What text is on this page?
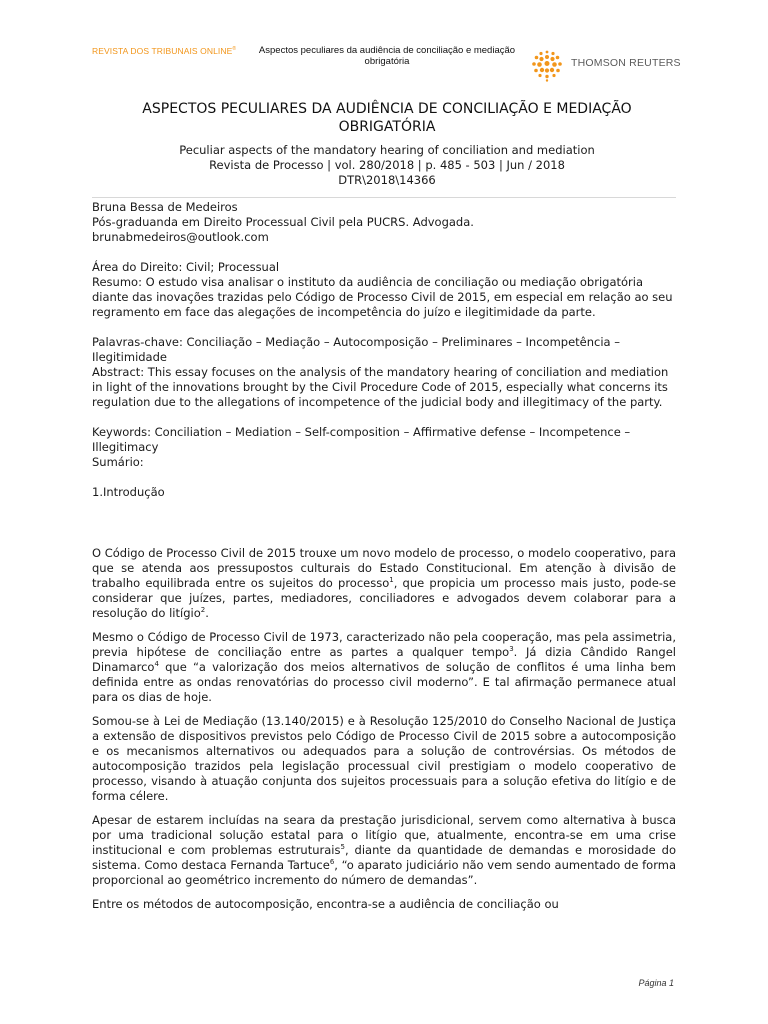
REVISTA DOS TRIBUNAIS ONLINE®	Aspectos peculiares da audiência de conciliação e mediação obrigatória	THOMSON REUTERS
ASPECTOS PECULIARES DA AUDIÊNCIA DE CONCILIAÇÃO E MEDIAÇÃO OBRIGATÓRIA
Peculiar aspects of the mandatory hearing of conciliation and mediation
Revista de Processo | vol. 280/2018 | p. 485 - 503 | Jun / 2018
DTR\2018\14366

Bruna Bessa de Medeiros

Pós-graduanda em Direito Processual Civil pela PUCRS. Advogada.

brunabmedeiros@outlook.com

Área do Direito: Civil; Processual

Resumo: O estudo visa analisar o instituto da audiência de conciliação ou mediação obrigatória diante das inovações trazidas pelo Código de Processo Civil de 2015, em especial em relação ao seu regramento em face das alegações de incompetência do juízo e ilegitimidade da parte.

Palavras-chave: Conciliação – Mediação – Autocomposição – Preliminares – Incompetência – Ilegitimidade

Abstract: This essay focuses on the analysis of the mandatory hearing of conciliation and mediation in light of the innovations brought by the Civil Procedure Code of 2015, especially what concerns its regulation due to the allegations of incompetence of the judicial body and illegitimacy of the party.

Keywords: Conciliation – Mediation – Self-composition – Affirmative defense – Incompetence – Illegitimacy

Sumário:

1.Introdução

O Código de Processo Civil de 2015 trouxe um novo modelo de processo, o modelo cooperativo, para que se atenda aos pressupostos culturais do Estado Constitucional. Em atenção à divisão de trabalho equilibrada entre os sujeitos do processo$^1$, que propicia um processo mais justo, pode-se considerar que juízes, partes, mediadores, conciliadores e advogados devem colaborar para a resolução do litígio$^2$.

Mesmo o Código de Processo Civil de 1973, caracterizado não pela cooperação, mas pela assimetria, previa hipótese de conciliação entre as partes a qualquer tempo$^3$. Já dizia Cândido Rangel Dinamarco$^4$ que “a valorização dos meios alternativos de solução de conflitos é uma linha bem definida entre as ondas renovatórias do processo civil moderno”. E tal afirmação permanece atual para os dias de hoje.

Somou-se à Lei de Mediação (13.140/2015) e à Resolução 125/2010 do Conselho Nacional de Justiça a extensão de dispositivos previstos pelo Código de Processo Civil de 2015 sobre a autocomposição e os mecanismos alternativos ou adequados para a solução de controvérsias. Os métodos de autocomposição trazidos pela legislação processual civil prestigiam o modelo cooperativo de processo, visando à atuação conjunta dos sujeitos processuais para a solução efetiva do litígio e de forma célere.

Apesar de estarem incluídas na seara da prestação jurisdicional, servem como alternativa à busca por uma tradicional solução estatal para o litígio que, atualmente, encontra-se em uma crise institucional e com problemas estruturais$^5$, diante da quantidade de demandas e morosidade do sistema. Como destaca Fernanda Tartuce$^6$, “o aparato judiciário não vem sendo aumentado de forma proporcional ao geométrico incremento do número de demandas”.

Entre os métodos de autocomposição, encontra-se a audiência de conciliação ou

Página 1
